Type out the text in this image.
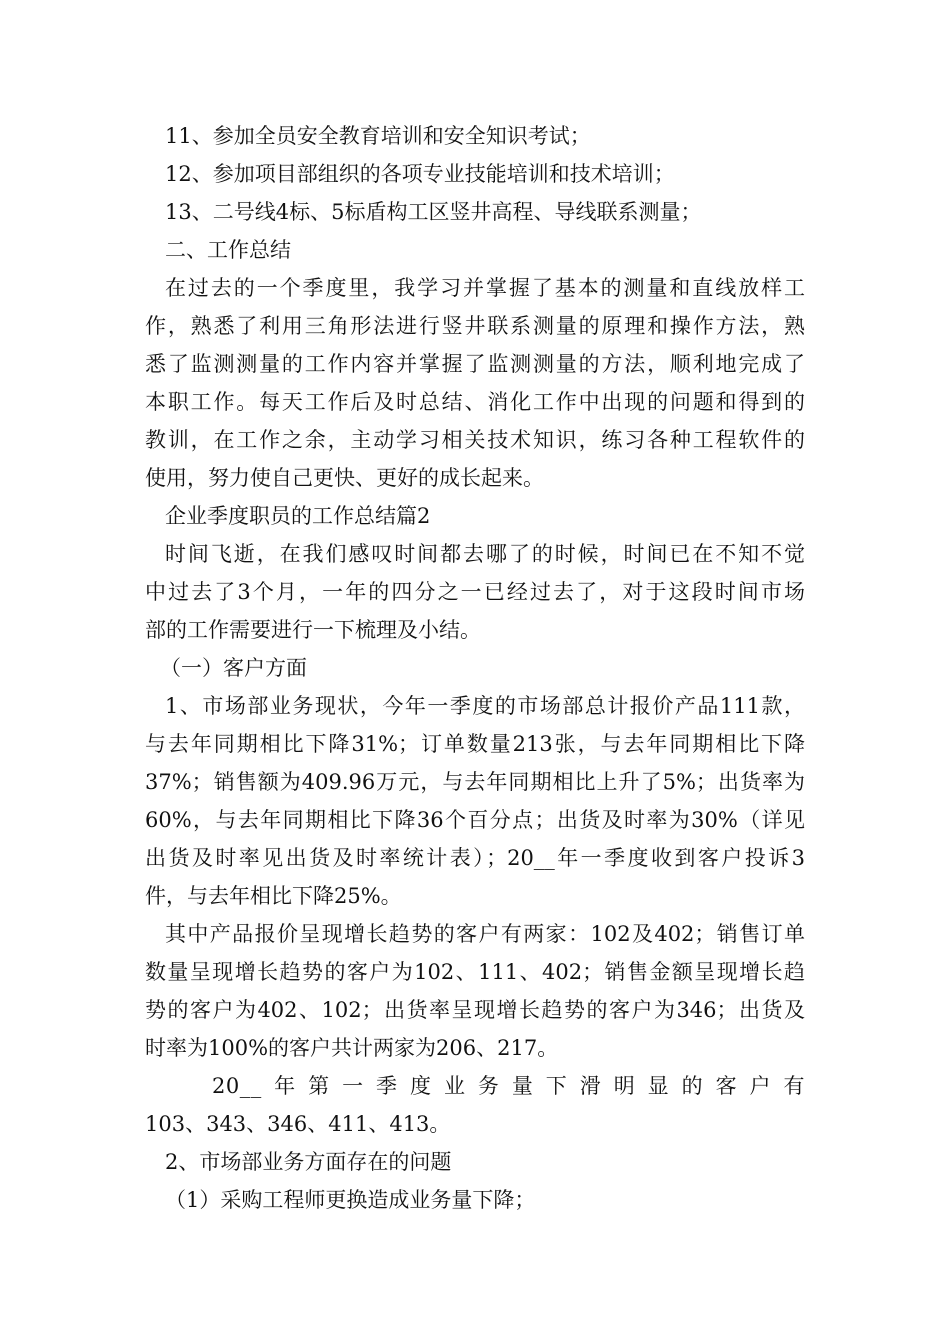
11、参加全员安全教育培训和安全知识考试；
12、参加项目部组织的各项专业技能培训和技术培训；
13、二号线4标、5标盾构工区竖井高程、导线联系测量；
二、工作总结
在过去的一个季度里，我学习并掌握了基本的测量和直线放样工
作，熟悉了利用三角形法进行竖井联系测量的原理和操作方法，熟
悉了监测测量的工作内容并掌握了监测测量的方法，顺利地完成了
本职工作。每天工作后及时总结、消化工作中出现的问题和得到的
教训，在工作之余，主动学习相关技术知识，练习各种工程软件的
使用，努力使自己更快、更好的成长起来。
企业季度职员的工作总结篇2
时间飞逝，在我们感叹时间都去哪了的时候，时间已在不知不觉
中过去了3个月，一年的四分之一已经过去了，对于这段时间市场
部的工作需要进行一下梳理及小结。
（一）客户方面
1、市场部业务现状，今年一季度的市场部总计报价产品111款，
与去年同期相比下降31%；订单数量213张，与去年同期相比下降
37%；销售额为409.96万元，与去年同期相比上升了5%；出货率为
60%，与去年同期相比下降36个百分点；出货及时率为30%（详见
出货及时率见出货及时率统计表）；20__年一季度收到客户投诉3
件，与去年相比下降25%。
其中产品报价呈现增长趋势的客户有两家：102及402；销售订单
数量呈现增长趋势的客户为102、111、402；销售金额呈现增长趋
势的客户为402、102；出货率呈现增长趋势的客户为346；出货及
时率为100%的客户共计两家为206、217。
20__年第一季度业务量下滑明显的客户有
103、343、346、411、413。
2、市场部业务方面存在的问题
（1）采购工程师更换造成业务量下降；
